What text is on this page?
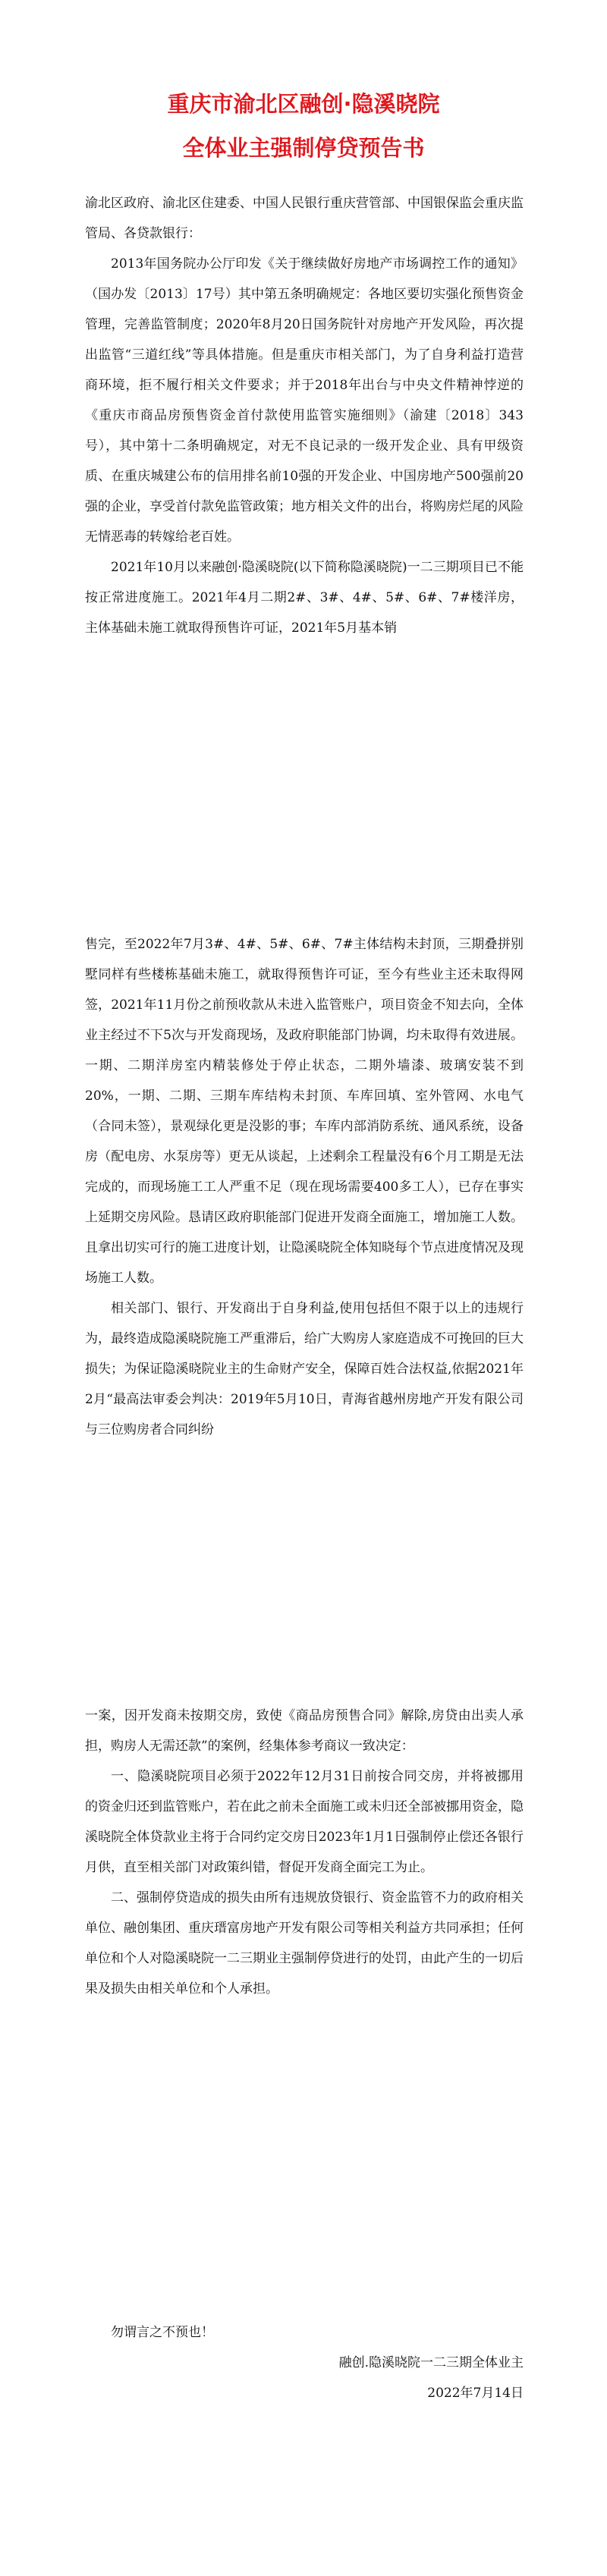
重庆市渝北区融创·隐溪晓院
全体业主强制停贷预告书

渝北区政府、渝北区住建委、中国人民银行重庆营管部、中国银保监会重庆监管局、各贷款银行：

2013年国务院办公厅印发《关于继续做好房地产市场调控工作的通知》（国办发〔2013〕17号）其中第五条明确规定：各地区要切实强化预售资金管理，完善监管制度；2020年8月20日国务院针对房地产开发风险，再次提出监管“三道红线”等具体措施。但是重庆市相关部门，为了自身利益打造营商环境，拒不履行相关文件要求；并于2018年出台与中央文件精神悖逆的《重庆市商品房预售资金首付款使用监管实施细则》（渝建〔2018〕343号），其中第十二条明确规定，对无不良记录的一级开发企业、具有甲级资质、在重庆城建公布的信用排名前10强的开发企业、中国房地产500强前20强的企业，享受首付款免监管政策；地方相关文件的出台，将购房烂尾的风险无情恶毒的转嫁给老百姓。

2021年10月以来融创·隐溪晓院(以下简称隐溪晓院)一二三期项目已不能按正常进度施工。2021年4月二期2#、3#、4#、5#、6#、7#楼洋房，主体基础未施工就取得预售许可证，2021年5月基本销

售完，至2022年7月3#、4#、5#、6#、7#主体结构未封顶，三期叠拼别墅同样有些楼栋基础未施工，就取得预售许可证，至今有些业主还未取得网签，2021年11月份之前预收款从未进入监管账户，项目资金不知去向，全体业主经过不下5次与开发商现场，及政府职能部门协调，均未取得有效进展。一期、二期洋房室内精装修处于停止状态，二期外墙漆、玻璃安装不到20%，一期、二期、三期车库结构未封顶、车库回填、室外管网、水电气（合同未签），景观绿化更是没影的事；车库内部消防系统、通风系统，设备房（配电房、水泵房等）更无从谈起，上述剩余工程量没有6个月工期是无法完成的，而现场施工工人严重不足（现在现场需要400多工人），已存在事实上延期交房风险。恳请区政府职能部门促进开发商全面施工，增加施工人数。且拿出切实可行的施工进度计划，让隐溪晓院全体知晓每个节点进度情况及现场施工人数。

相关部门、银行、开发商出于自身利益,使用包括但不限于以上的违规行为，最终造成隐溪晓院施工严重滞后，给广大购房人家庭造成不可挽回的巨大损失；为保证隐溪晓院业主的生命财产安全，保障百姓合法权益,依据2021年2月“最高法审委会判决：2019年5月10日，青海省越州房地产开发有限公司与三位购房者合同纠纷

一案，因开发商未按期交房，致使《商品房预售合同》解除,房贷由出卖人承担，购房人无需还款”的案例，经集体参考商议一致决定：

一、隐溪晓院项目必须于2022年12月31日前按合同交房，并将被挪用的资金归还到监管账户，若在此之前未全面施工或未归还全部被挪用资金，隐溪晓院全体贷款业主将于合同约定交房日2023年1月1日强制停止偿还各银行月供，直至相关部门对政策纠错，督促开发商全面完工为止。

二、强制停贷造成的损失由所有违规放贷银行、资金监管不力的政府相关单位、融创集团、重庆瑨富房地产开发有限公司等相关利益方共同承担；任何单位和个人对隐溪晓院一二三期业主强制停贷进行的处罚，由此产生的一切后果及损失由相关单位和个人承担。

勿谓言之不预也！

融创.隐溪晓院一二三期全体业主

2022年7月14日
